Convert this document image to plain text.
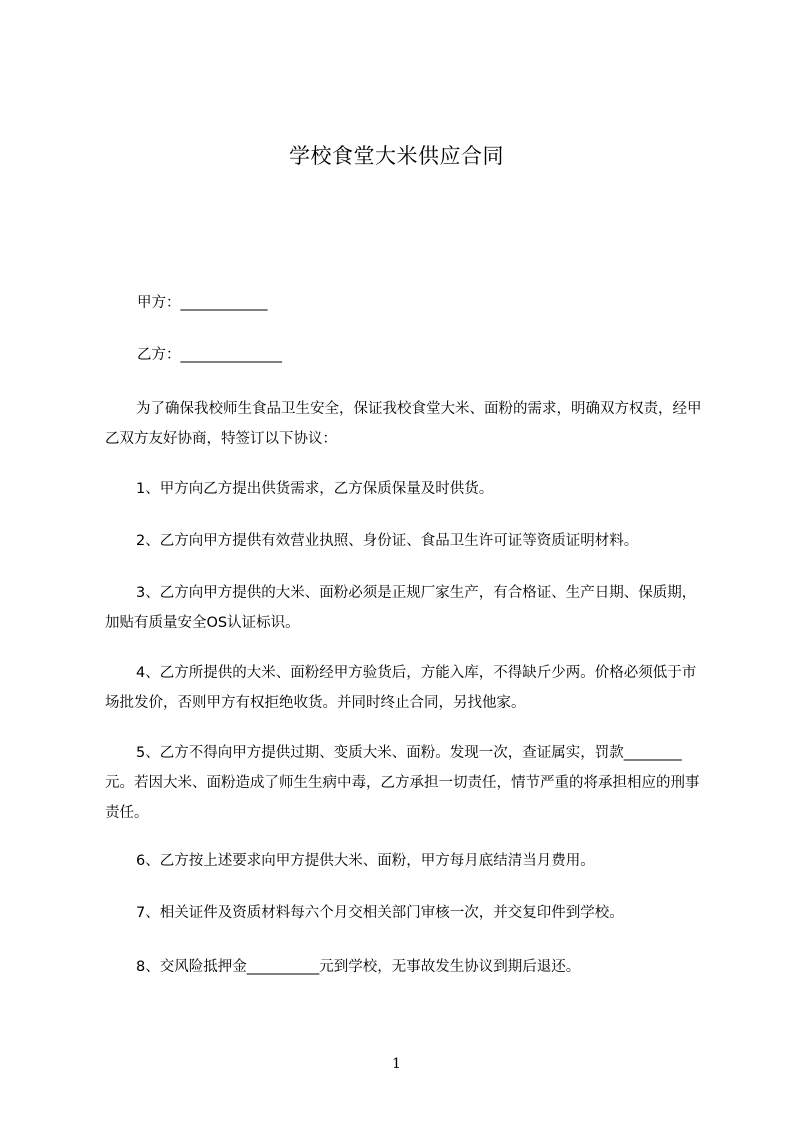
学校食堂大米供应合同
甲方：____________
乙方：______________
为了确保我校师生食品卫生安全，保证我校食堂大米、面粉的需求，明确双方权责，经甲乙双方友好协商，特签订以下协议：
1、甲方向乙方提出供货需求，乙方保质保量及时供货。
2、乙方向甲方提供有效营业执照、身份证、食品卫生许可证等资质证明材料。
3、乙方向甲方提供的大米、面粉必须是正规厂家生产，有合格证、生产日期、保质期，加贴有质量安全OS认证标识。
4、乙方所提供的大米、面粉经甲方验货后，方能入库，不得缺斤少两。价格必须低于市场批发价，否则甲方有权拒绝收货。并同时终止合同，另找他家。
5、乙方不得向甲方提供过期、变质大米、面粉。发现一次，查证属实，罚款________元。若因大米、面粉造成了师生生病中毒，乙方承担一切责任，情节严重的将承担相应的刑事责任。
6、乙方按上述要求向甲方提供大米、面粉，甲方每月底结清当月费用。
7、相关证件及资质材料每六个月交相关部门审核一次，并交复印件到学校。
8、交风险抵押金__________元到学校，无事故发生协议到期后退还。
1
